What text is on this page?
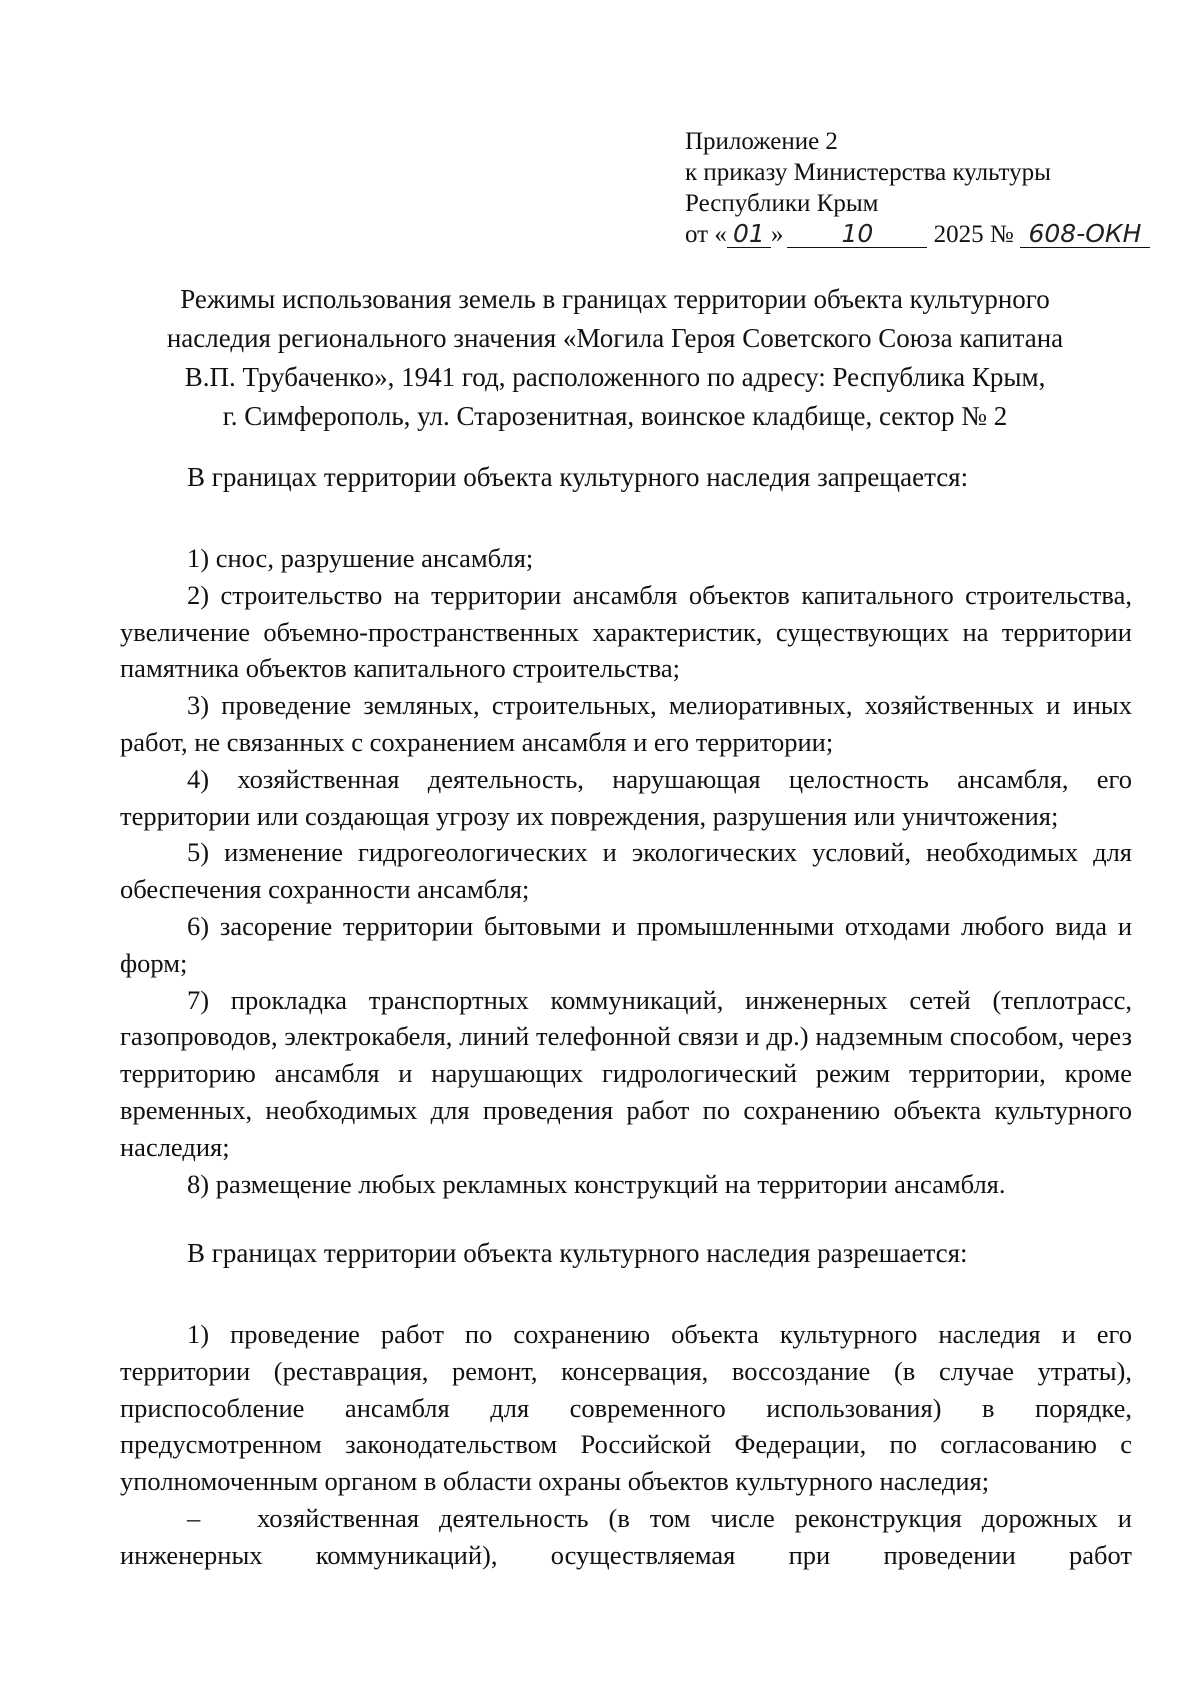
Приложение 2
к приказу Министерства культуры
Республики Крым
от « 01 » 10 2025 № 608-ОКН
Режимы использования земель в границах территории объекта культурного
наследия регионального значения «Могила Героя Советского Союза капитана
В.П. Трубаченко», 1941 год, расположенного по адресу: Республика Крым,
г. Симферополь, ул. Старозенитная, воинское кладбище, сектор № 2
В границах территории объекта культурного наследия запрещается:

1) снос, разрушение ансамбля;

2) строительство на территории ансамбля объектов капитального строительства, увеличение объемно-пространственных характеристик, существующих на территории памятника объектов капитального строительства;

3) проведение земляных, строительных, мелиоративных, хозяйственных и иных работ, не связанных с сохранением ансамбля и его территории;

4) хозяйственная деятельность, нарушающая целостность ансамбля, его территории или создающая угрозу их повреждения, разрушения или уничтожения;

5) изменение гидрогеологических и экологических условий, необходимых для обеспечения сохранности ансамбля;

6) засорение территории бытовыми и промышленными отходами любого вида и форм;

7) прокладка транспортных коммуникаций, инженерных сетей (теплотрасс, газопроводов, электрокабеля, линий телефонной связи и др.) надземным способом, через территорию ансамбля и нарушающих гидрологический режим территории, кроме временных, необходимых для проведения работ по сохранению объекта культурного наследия;

8) размещение любых рекламных конструкций на территории ансамбля.

В границах территории объекта культурного наследия разрешается:

1) проведение работ по сохранению объекта культурного наследия и его территории (реставрация, ремонт, консервация, воссоздание (в случае утраты), приспособление ансамбля для современного использования) в порядке, предусмотренном законодательством Российской Федерации, по согласованию с уполномоченным органом в области охраны объектов культурного наследия;

– хозяйственная деятельность (в том числе реконструкция дорожных и инженерных коммуникаций), осуществляемая при проведении работ
